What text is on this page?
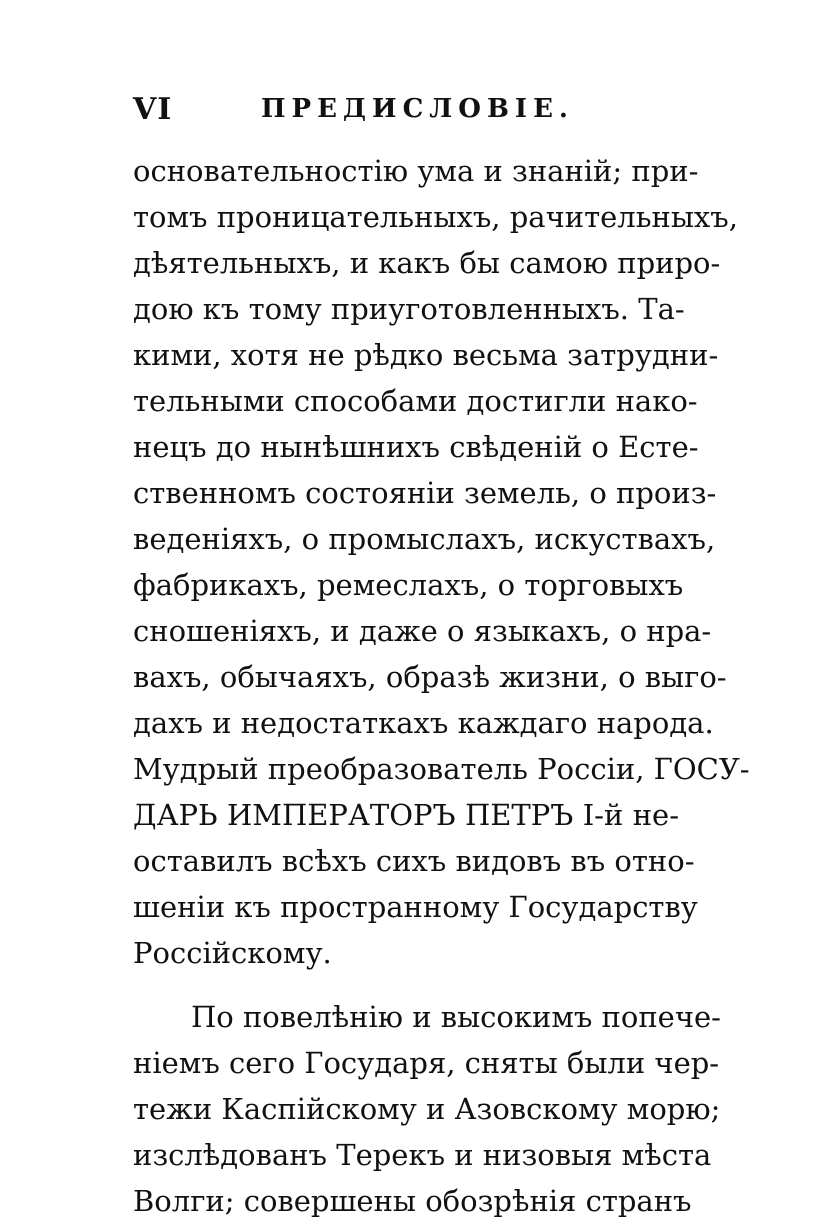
VI	ПРЕДИСЛОВІЕ.
основательностію ума и знаній; при-
томъ проницательныхъ, рачительныхъ,
дѣятельныхъ, и какъ бы самою приро-
дою къ тому приуготовленныхъ. Та-
кими, хотя не рѣдко весьма затрудни-
тельными способами достигли нако-
нецъ до нынѣшнихъ свѣденій о Есте-
ственномъ состояніи земель, о произ-
веденіяхъ, о промыслахъ, искуствахъ,
фабрикахъ, ремеслахъ, о торговыхъ
сношеніяхъ, и даже о языкахъ, о нра-
вахъ, обычаяхъ, образѣ жизни, о выго-
дахъ и недостаткахъ каждаго народа.
Мудрый преобразователь Россіи, ГОСУ-
ДАРЬ ИМПЕРАТОРЪ ПЕТРЪ І-й не-
оставилъ всѣхъ сихъ видовъ въ отно-
шеніи къ пространному Государству
Россійскому.
По повелѣнію и высокимъ попече-
ніемъ сего Государя, сняты были чер-
тежи Каспійскому и Азовскому морю;
изслѣдованъ Терекъ и низовыя мѣста
Волги; совершены обозрѣнія странъ
